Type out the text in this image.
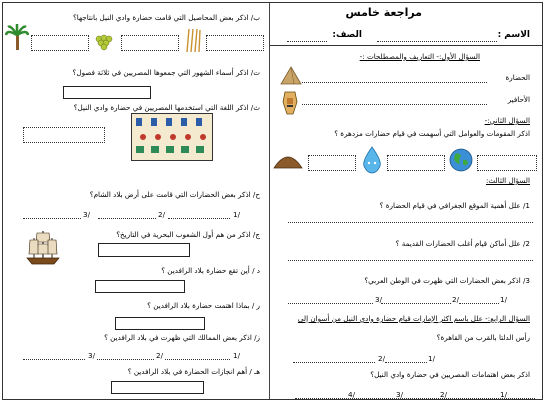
مراجعة خامس
الاسم :
الصف:
السؤال الأول:- التعاريف والمصطلحات :-
الحضارة
الأحافير
السؤال الثاني:-
اذكر المقومات والعوامل التي أسهمت في قيام حضارات مزدهرة ؟
السؤال الثالث:
1/ علل أهمية الموقع الجغرافي في قيام الحضارة ؟
2/ علل أماكن قيام أغلب الحضارات القديمة ؟
3/ اذكر بعض الحضارات التي ظهرت في الوطن العربي؟
1/
2/
3/
السؤال الرابع:- علل باسم اكثر الإمارات قيام حضارة وادي النيل من أسوان إلى
رأس الدلتا بالقرب من القاهرة؟
1/
2/
اذكر بعض اهتمامات المصريين في حضارة وادي النيل؟
1/
2/
3/
4/
ب/ اذكر بعض المحاصيل التي قامت حضارة وادي النيل بانتاجها؟
ت/ اذكر أسماء الشهور التي جمعوها المصريين في ثلاثة فصول؟
ث/ اذكر اللغة التي استخدمها المصريين في حضارة وادي النيل؟
ح/ اذكر بعض الحضارات التي قامت على أرض بلاد الشام؟
1/
2/
3/
ج/ اذكر من هم أول الشعوب البحرية في التاريخ؟
د / أين تقع حضارة بلاد الرافدين ؟
ر / بماذا اهتمت حضارة بلاد الرافدين ؟
ز/ اذكر بعض الممالك التي ظهرت في بلاد الرافدين ؟
1/
2/
3/
هـ / أهم انجازات الحضارة في بلاد الرافدين ؟
